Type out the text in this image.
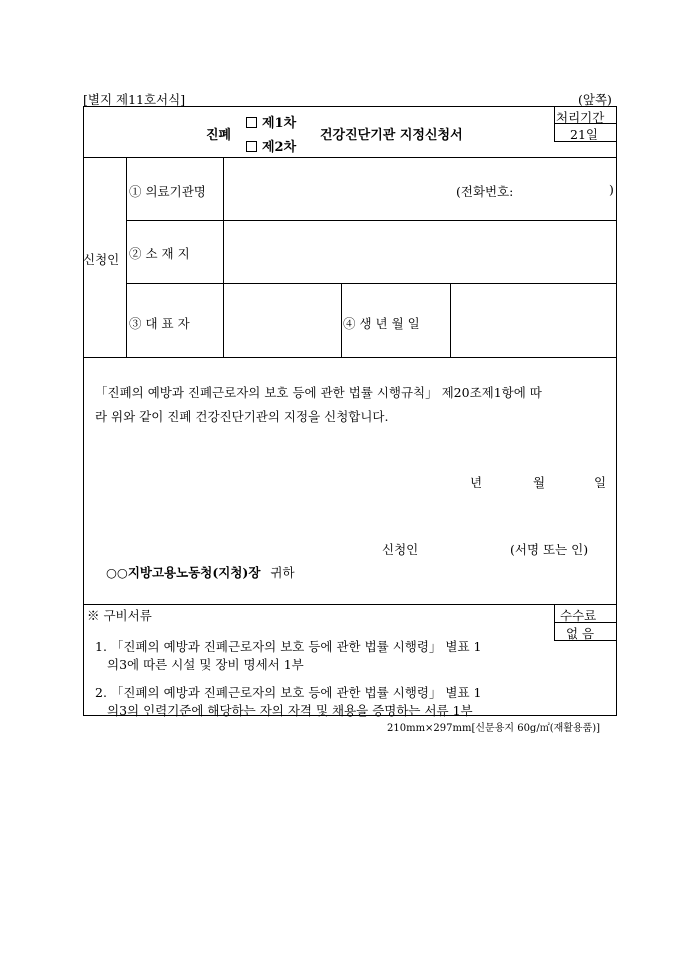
[별지 제11호서식]	(앞쪽)
진폐
제1차
제2차
건강진단기관 지정신청서
처리기간
21일
신청인
① 의료기관명	(전화번호:	)
② 소 재 지
③ 대 표 자	④ 생 년 월 일
「진폐의 예방과 진폐근로자의 보호 등에 관한 법률 시행규칙」 제20조제1항에 따
라 위와 같이 진폐 건강진단기관의 지정을 신청합니다.
년	월	일
신청인	(서명 또는 인)
○○지방고용노동청(지청)장 귀하
※ 구비서류	수수료
없 음
1. 「진폐의 예방과 진폐근로자의 보호 등에 관한 법률 시행령」 별표 1
의3에 따른 시설 및 장비 명세서 1부
2. 「진폐의 예방과 진폐근로자의 보호 등에 관한 법률 시행령」 별표 1
의3의 인력기준에 해당하는 자의 자격 및 채용을 증명하는 서류 1부
210mm×297mm[신문용지 60g/㎡(재활용품)]
